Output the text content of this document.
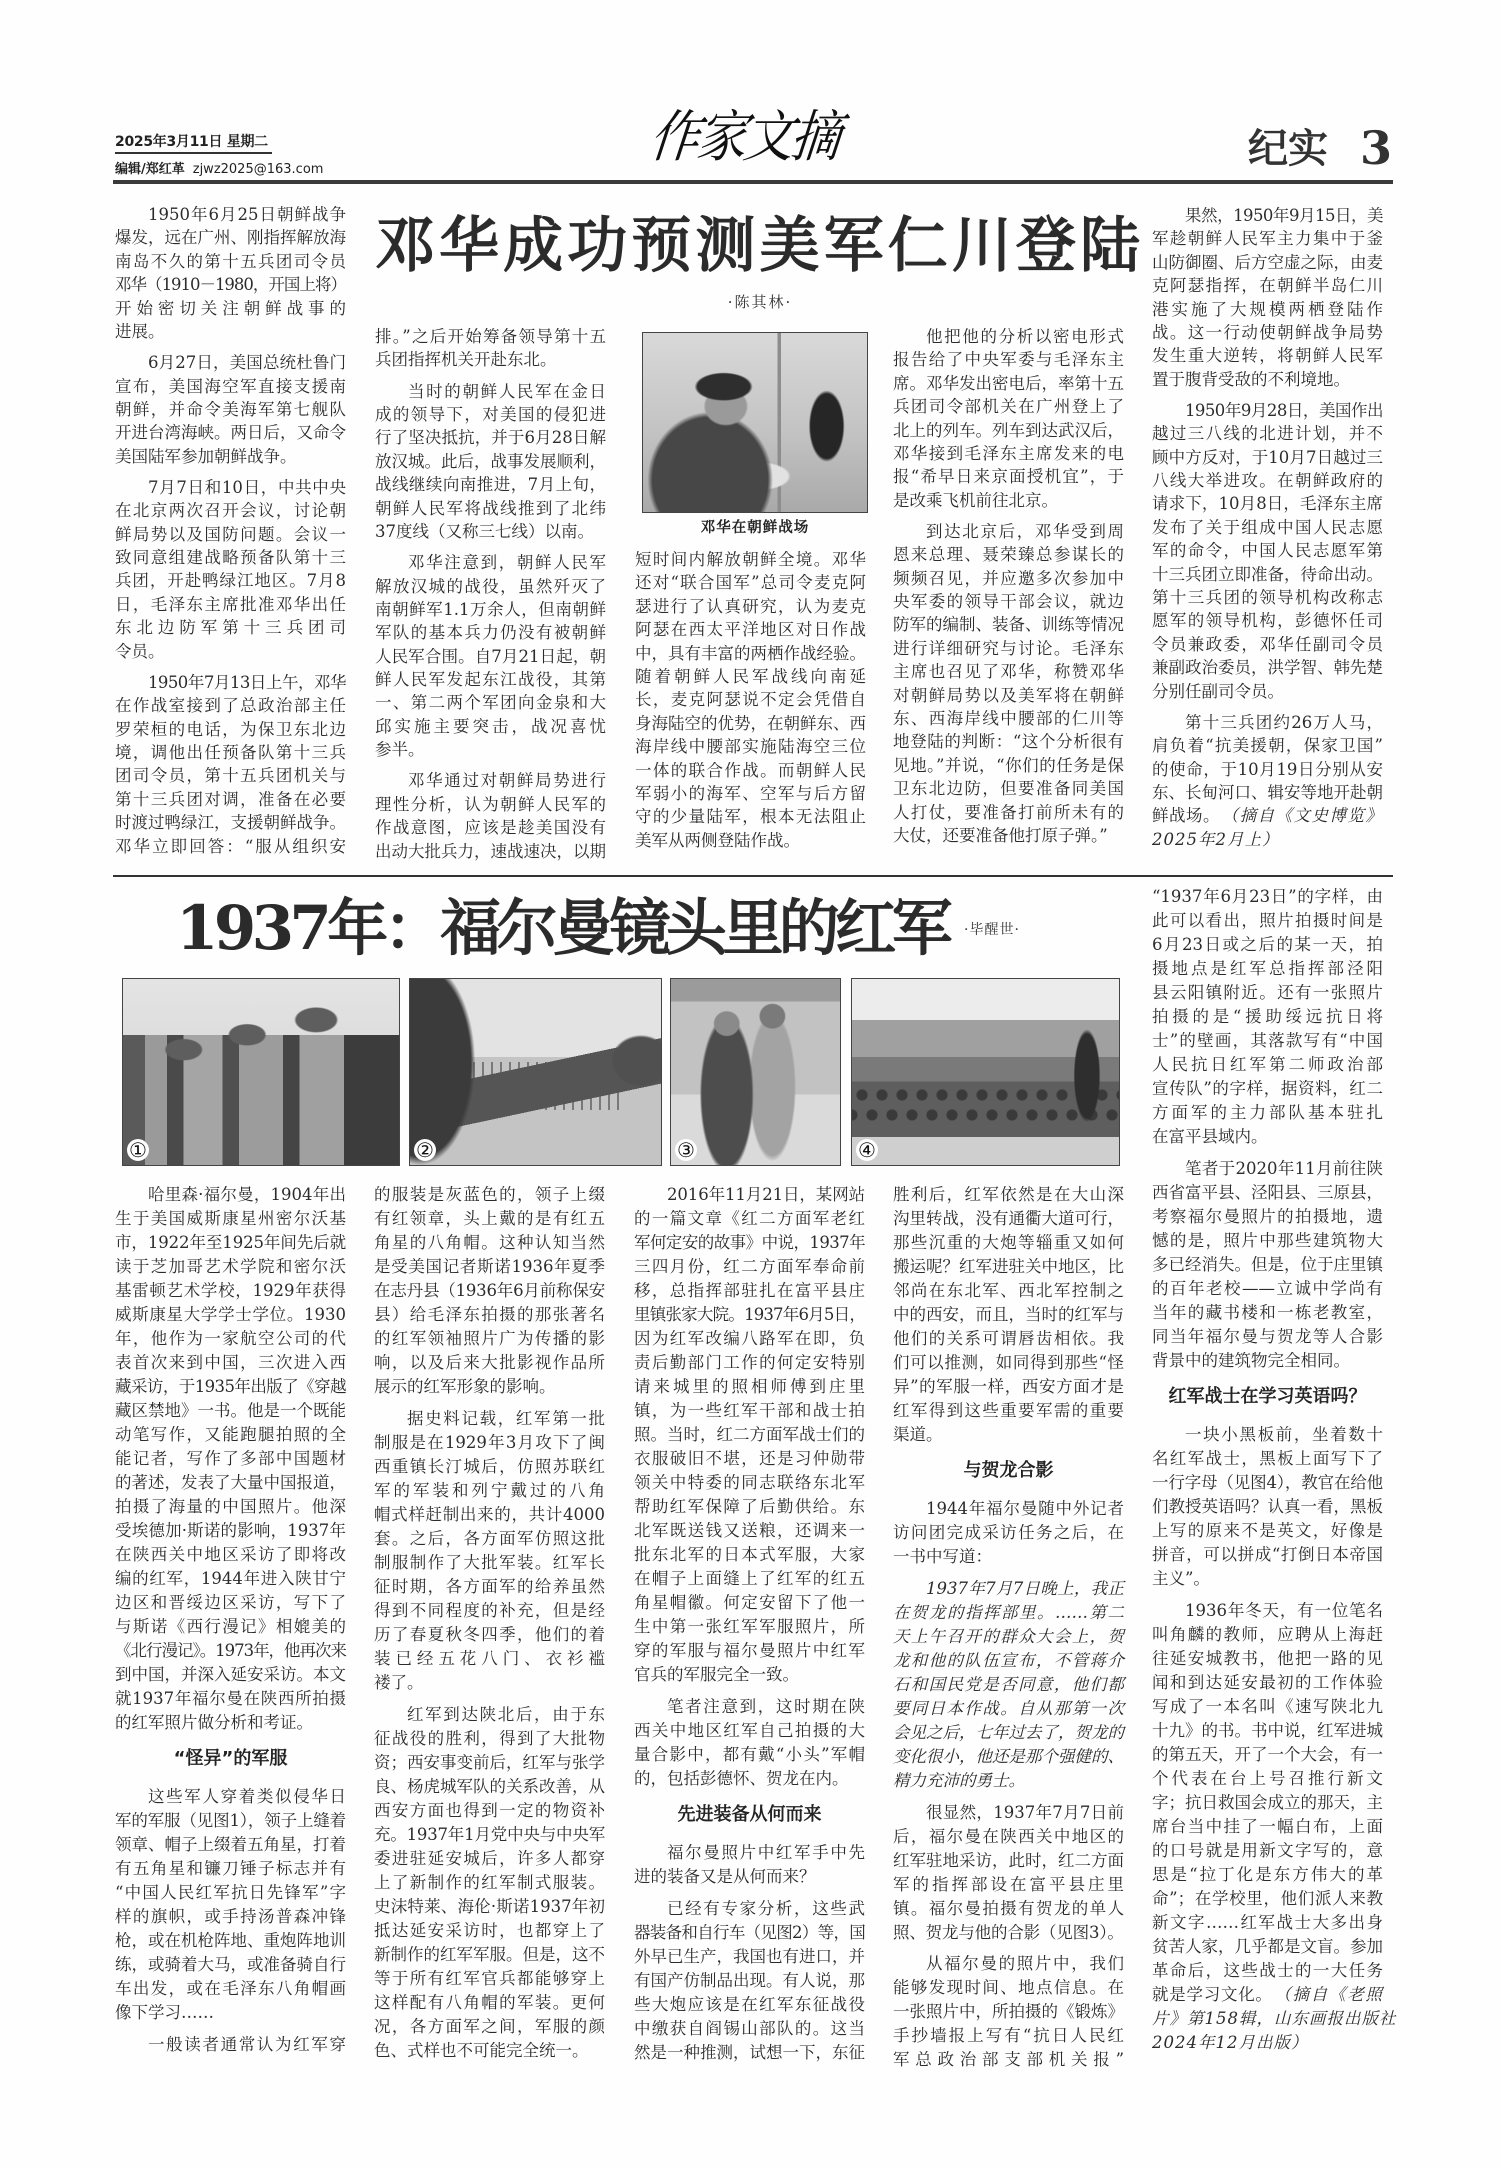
2025年3月11日 星期二
编辑/郑红革 zjwz2025@163.com
作家文摘	纪实 3
邓华成功预测美军仁川登陆
·陈其林·
邓华在朝鲜战场
1950年6月25日朝鲜战争
爆发，远在广州、刚指挥解放海
南岛不久的第十五兵团司令员
邓华（1910－1980，开国上将）
开始密切关注朝鲜战事的
进展。
6月27日，美国总统杜鲁门
宣布，美国海空军直接支援南
朝鲜，并命令美海军第七舰队
开进台湾海峡。两日后，又命令
美国陆军参加朝鲜战争。
7月7日和10日，中共中央
在北京两次召开会议，讨论朝
鲜局势以及国防问题。会议一
致同意组建战略预备队第十三
兵团，开赴鸭绿江地区。7月8
日，毛泽东主席批准邓华出任
东北边防军第十三兵团司
令员。
1950年7月13日上午，邓华
在作战室接到了总政治部主任
罗荣桓的电话，为保卫东北边
境，调他出任预备队第十三兵
团司令员，第十五兵团机关与
第十三兵团对调，准备在必要
时渡过鸭绿江，支援朝鲜战争。
邓华立即回答：“服从组织安
排。”之后开始筹备领导第十五
兵团指挥机关开赴东北。
当时的朝鲜人民军在金日
成的领导下，对美国的侵犯进
行了坚决抵抗，并于6月28日解
放汉城。此后，战事发展顺利，
战线继续向南推进，7月上旬，
朝鲜人民军将战线推到了北纬
37度线（又称三七线）以南。
邓华注意到，朝鲜人民军
解放汉城的战役，虽然歼灭了
南朝鲜军1.1万余人，但南朝鲜
军队的基本兵力仍没有被朝鲜
人民军合围。自7月21日起，朝
鲜人民军发起东江战役，其第
一、第二两个军团向金泉和大
邱实施主要突击，战况喜忧
参半。
邓华通过对朝鲜局势进行
理性分析，认为朝鲜人民军的
作战意图，应该是趁美国没有
出动大批兵力，速战速决，以期
短时间内解放朝鲜全境。邓华
还对“联合国军”总司令麦克阿
瑟进行了认真研究，认为麦克
阿瑟在西太平洋地区对日作战
中，具有丰富的两栖作战经验。
随着朝鲜人民军战线向南延
长，麦克阿瑟说不定会凭借自
身海陆空的优势，在朝鲜东、西
海岸线中腰部实施陆海空三位
一体的联合作战。而朝鲜人民
军弱小的海军、空军与后方留
守的少量陆军，根本无法阻止
美军从两侧登陆作战。
他把他的分析以密电形式
报告给了中央军委与毛泽东主
席。邓华发出密电后，率第十五
兵团司令部机关在广州登上了
北上的列车。列车到达武汉后，
邓华接到毛泽东主席发来的电
报“希早日来京面授机宜”，于
是改乘飞机前往北京。
到达北京后，邓华受到周
恩来总理、聂荣臻总参谋长的
频频召见，并应邀多次参加中
央军委的领导干部会议，就边
防军的编制、装备、训练等情况
进行详细研究与讨论。毛泽东
主席也召见了邓华，称赞邓华
对朝鲜局势以及美军将在朝鲜
东、西海岸线中腰部的仁川等
地登陆的判断：“这个分析很有
见地。”并说，“你们的任务是保
卫东北边防，但要准备同美国
人打仗，要准备打前所未有的
大仗，还要准备他打原子弹。”
果然，1950年9月15日，美
军趁朝鲜人民军主力集中于釜
山防御圈、后方空虚之际，由麦
克阿瑟指挥，在朝鲜半岛仁川
港实施了大规模两栖登陆作
战。这一行动使朝鲜战争局势
发生重大逆转，将朝鲜人民军
置于腹背受敌的不利境地。
1950年9月28日，美国作出
越过三八线的北进计划，并不
顾中方反对，于10月7日越过三
八线大举进攻。在朝鲜政府的
请求下，10月8日，毛泽东主席
发布了关于组成中国人民志愿
军的命令，中国人民志愿军第
十三兵团立即准备，待命出动。
第十三兵团的领导机构改称志
愿军的领导机构，彭德怀任司
令员兼政委，邓华任副司令员
兼副政治委员，洪学智、韩先楚
分别任副司令员。
第十三兵团约26万人马，
肩负着“抗美援朝，保家卫国”
的使命，于10月19日分别从安
东、长甸河口、辑安等地开赴朝
鲜战场。 （摘自《文史博览》
2025年2月上）
1937年：福尔曼镜头里的红军 ·毕醒世·
①	②	③	④
哈里森·福尔曼，1904年出
生于美国威斯康星州密尔沃基
市，1922年至1925年间先后就
读于芝加哥艺术学院和密尔沃
基雷顿艺术学校，1929年获得
威斯康星大学学士学位。1930
年，他作为一家航空公司的代
表首次来到中国，三次进入西
藏采访，于1935年出版了《穿越
藏区禁地》一书。他是一个既能
动笔写作，又能跑腿拍照的全
能记者，写作了多部中国题材
的著述，发表了大量中国报道，
拍摄了海量的中国照片。他深
受埃德加·斯诺的影响，1937年
在陕西关中地区采访了即将改
编的红军，1944年进入陕甘宁
边区和晋绥边区采访，写下了
与斯诺《西行漫记》相媲美的
《北行漫记》。1973年，他再次来
到中国，并深入延安采访。本文
就1937年福尔曼在陕西所拍摄
的红军照片做分析和考证。
“怪异”的军服
这些军人穿着类似侵华日
军的军服（见图1），领子上缝着
领章、帽子上缀着五角星，打着
有五角星和镰刀锤子标志并有
“中国人民红军抗日先锋军”字
样的旗帜，或手持汤普森冲锋
枪，或在机枪阵地、重炮阵地训
练，或骑着大马，或准备骑自行
车出发，或在毛泽东八角帽画
像下学习……
一般读者通常认为红军穿
的服装是灰蓝色的，领子上缀
有红领章，头上戴的是有红五
角星的八角帽。这种认知当然
是受美国记者斯诺1936年夏季
在志丹县（1936年6月前称保安
县）给毛泽东拍摄的那张著名
的红军领袖照片广为传播的影
响，以及后来大批影视作品所
展示的红军形象的影响。
据史料记载，红军第一批
制服是在1929年3月攻下了闽
西重镇长汀城后，仿照苏联红
军的军装和列宁戴过的八角
帽式样赶制出来的，共计4000
套。之后，各方面军仿照这批
制服制作了大批军装。红军长
征时期，各方面军的给养虽然
得到不同程度的补充，但是经
历了春夏秋冬四季，他们的着
装已经五花八门、衣衫褴
褛了。
红军到达陕北后，由于东
征战役的胜利，得到了大批物
资；西安事变前后，红军与张学
良、杨虎城军队的关系改善，从
西安方面也得到一定的物资补
充。1937年1月党中央与中央军
委进驻延安城后，许多人都穿
上了新制作的红军制式服装。
史沫特莱、海伦·斯诺1937年初
抵达延安采访时，也都穿上了
新制作的红军军服。但是，这不
等于所有红军官兵都能够穿上
这样配有八角帽的军装。更何
况，各方面军之间，军服的颜
色、式样也不可能完全统一。
2016年11月21日，某网站
的一篇文章《红二方面军老红
军何定安的故事》中说，1937年
三四月份，红二方面军奉命前
移，总指挥部驻扎在富平县庄
里镇张家大院。1937年6月5日，
因为红军改编八路军在即，负
责后勤部门工作的何定安特别
请来城里的照相师傅到庄里
镇，为一些红军干部和战士拍
照。当时，红二方面军战士们的
衣服破旧不堪，还是习仲勋带
领关中特委的同志联络东北军
帮助红军保障了后勤供给。东
北军既送钱又送粮，还调来一
批东北军的日本式军服，大家
在帽子上面缝上了红军的红五
角星帽徽。何定安留下了他一
生中第一张红军军服照片，所
穿的军服与福尔曼照片中红军
官兵的军服完全一致。
笔者注意到，这时期在陕
西关中地区红军自己拍摄的大
量合影中，都有戴“小头”军帽
的，包括彭德怀、贺龙在内。
先进装备从何而来
福尔曼照片中红军手中先
进的装备又是从何而来？
已经有专家分析，这些武
器装备和自行车（见图2）等，国
外早已生产，我国也有进口，并
有国产仿制品出现。有人说，那
些大炮应该是在红军东征战役
中缴获自阎锡山部队的。这当
然是一种推测，试想一下，东征
胜利后，红军依然是在大山深
沟里转战，没有通衢大道可行，
那些沉重的大炮等辎重又如何
搬运呢？红军进驻关中地区，比
邻尚在东北军、西北军控制之
中的西安，而且，当时的红军与
他们的关系可谓唇齿相依。我
们可以推测，如同得到那些“怪
异”的军服一样，西安方面才是
红军得到这些重要军需的重要
渠道。
与贺龙合影
1944年福尔曼随中外记者
访问团完成采访任务之后，在
一书中写道：
1937年7月7日晚上，我正
在贺龙的指挥部里。……第二
天上午召开的群众大会上，贺
龙和他的队伍宣布，不管蒋介
石和国民党是否同意，他们都
要同日本作战。自从那第一次
会见之后，七年过去了，贺龙的
变化很小，他还是那个强健的、
精力充沛的勇士。
很显然，1937年7月7日前
后，福尔曼在陕西关中地区的
红军驻地采访，此时，红二方面
军的指挥部设在富平县庄里
镇。福尔曼拍摄有贺龙的单人
照、贺龙与他的合影（见图3）。
从福尔曼的照片中，我们
能够发现时间、地点信息。在
一张照片中，所拍摄的《锻炼》
手抄墙报上写有“抗日人民红
军总政治部支部机关报”
“1937年6月23日”的字样，由
此可以看出，照片拍摄时间是
6月23日或之后的某一天，拍
摄地点是红军总指挥部泾阳
县云阳镇附近。还有一张照片
拍摄的是“援助绥远抗日将
士”的壁画，其落款写有“中国
人民抗日红军第二师政治部
宣传队”的字样，据资料，红二
方面军的主力部队基本驻扎
在富平县域内。
笔者于2020年11月前往陕
西省富平县、泾阳县、三原县，
考察福尔曼照片的拍摄地，遗
憾的是，照片中那些建筑物大
多已经消失。但是，位于庄里镇
的百年老校——立诚中学尚有
当年的藏书楼和一栋老教室，
同当年福尔曼与贺龙等人合影
背景中的建筑物完全相同。
红军战士在学习英语吗？
一块小黑板前，坐着数十
名红军战士，黑板上面写下了
一行字母（见图4），教官在给他
们教授英语吗？认真一看，黑板
上写的原来不是英文，好像是
拼音，可以拼成“打倒日本帝国
主义”。
1936年冬天，有一位笔名
叫角麟的教师，应聘从上海赶
往延安城教书，他把一路的见
闻和到达延安最初的工作体验
写成了一本名叫《速写陕北九
十九》的书。书中说，红军进城
的第五天，开了一个大会，有一
个代表在台上号召推行新文
字；抗日救国会成立的那天，主
席台当中挂了一幅白布，上面
的口号就是用新文字写的，意
思是“拉丁化是东方伟大的革
命”；在学校里，他们派人来教
新文字……红军战士大多出身
贫苦人家，几乎都是文盲。参加
革命后，这些战士的一大任务
就是学习文化。 （摘自《老照
片》第158辑，山东画报出版社
2024年12月出版）
